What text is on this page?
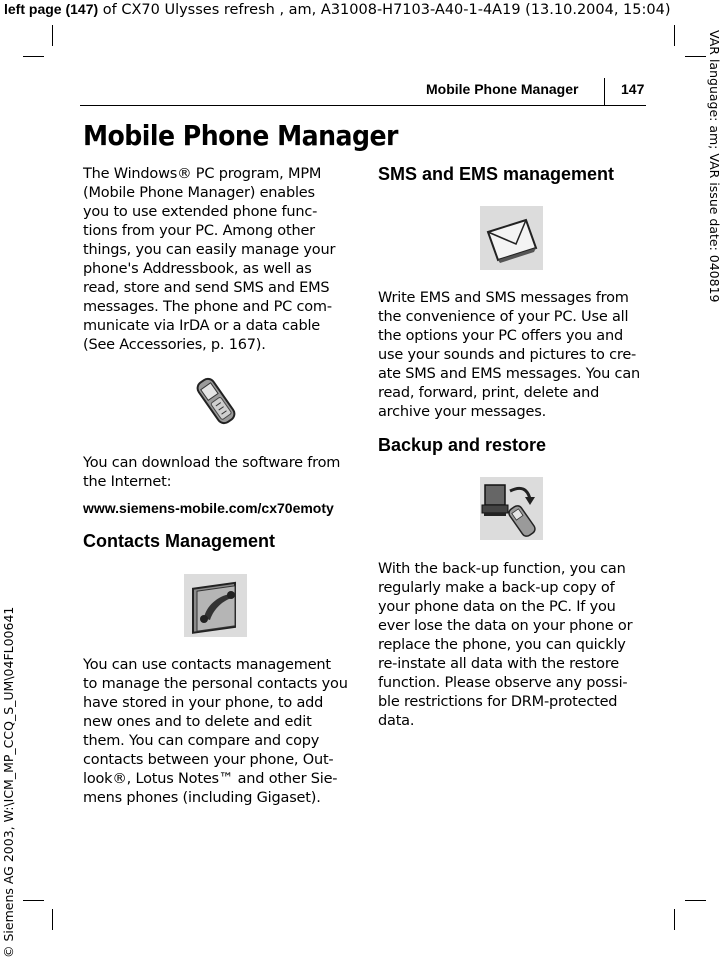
left page (147) of CX70 Ulysses refresh , am, A31008-H7103-A40-1-4A19 (13.10.2004, 15:04)
VAR language: am; VAR issue date: 040819
© Siemens AG 2003, W:\ICM_MP_CCQ_S_UM\04FL00641
Mobile Phone Manager	147
Mobile Phone Manager
The Windows® PC program, MPM (Mobile Phone Manager) enables you to use extended phone func-tions from your PC. Among other things, you can easily manage your phone's Addressbook, as well as read, store and send SMS and EMS messages. The phone and PC com-municate via IrDA or a data cable (See Accessories, p. 167).
You can download the software from the Internet:
www.siemens-mobile.com/cx70emoty
Contacts Management
You can use contacts management to manage the personal contacts you have stored in your phone, to add new ones and to delete and edit them. You can compare and copy contacts between your phone, Out-look®, Lotus Notes™ and other Sie-mens phones (including Gigaset).
SMS and EMS management
Write EMS and SMS messages from the convenience of your PC. Use all the options your PC offers you and use your sounds and pictures to cre-ate SMS and EMS messages. You can read, forward, print, delete and archive your messages.
Backup and restore
With the back-up function, you can regularly make a back-up copy of your phone data on the PC. If you ever lose the data on your phone or replace the phone, you can quickly re-instate all data with the restore function. Please observe any possi-ble restrictions for DRM-protected data.
